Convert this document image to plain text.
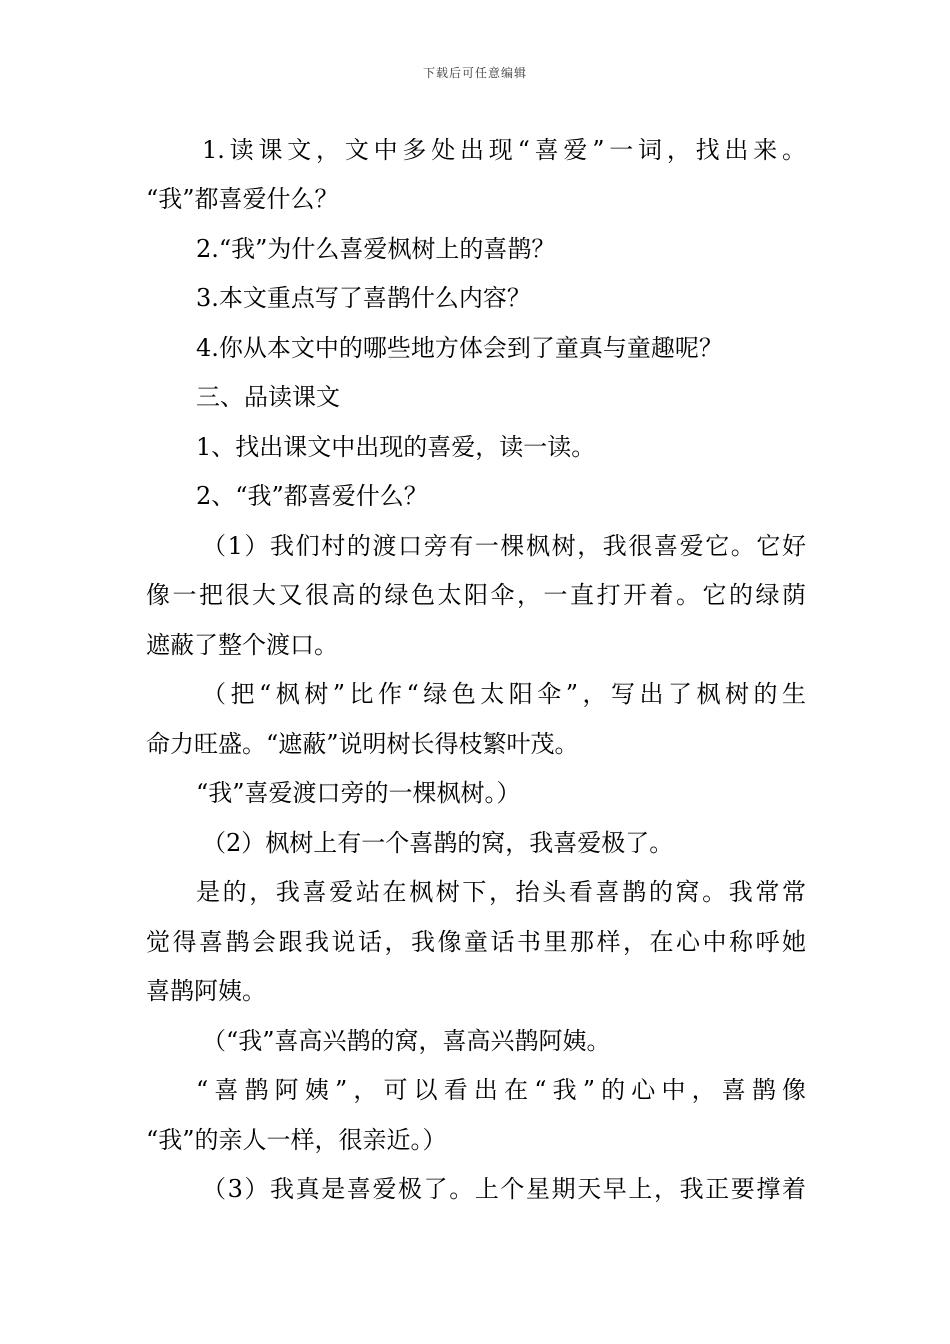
下载后可任意编辑
1.读课文，文中多处出现“喜爱”一词，找出来。
“我”都喜爱什么？
2.“我”为什么喜爱枫树上的喜鹊？
3.本文重点写了喜鹊什么内容？
4.你从本文中的哪些地方体会到了童真与童趣呢？
三、品读课文
1、找出课文中出现的喜爱，读一读。
2、“我”都喜爱什么？
（1）我们村的渡口旁有一棵枫树，我很喜爱它。它好
像一把很大又很高的绿色太阳伞，一直打开着。它的绿荫
遮蔽了整个渡口。
（把“枫树”比作“绿色太阳伞”，写出了枫树的生
命力旺盛。“遮蔽”说明树长得枝繁叶茂。
“我”喜爱渡口旁的一棵枫树。）
（2）枫树上有一个喜鹊的窝，我喜爱极了。
是的，我喜爱站在枫树下，抬头看喜鹊的窝。我常常
觉得喜鹊会跟我说话，我像童话书里那样，在心中称呼她
喜鹊阿姨。
（“我”喜高兴鹊的窝，喜高兴鹊阿姨。
“喜鹊阿姨”，可以看出在“我”的心中，喜鹊像
“我”的亲人一样，很亲近。）
（3）我真是喜爱极了。上个星期天早上，我正要撑着
